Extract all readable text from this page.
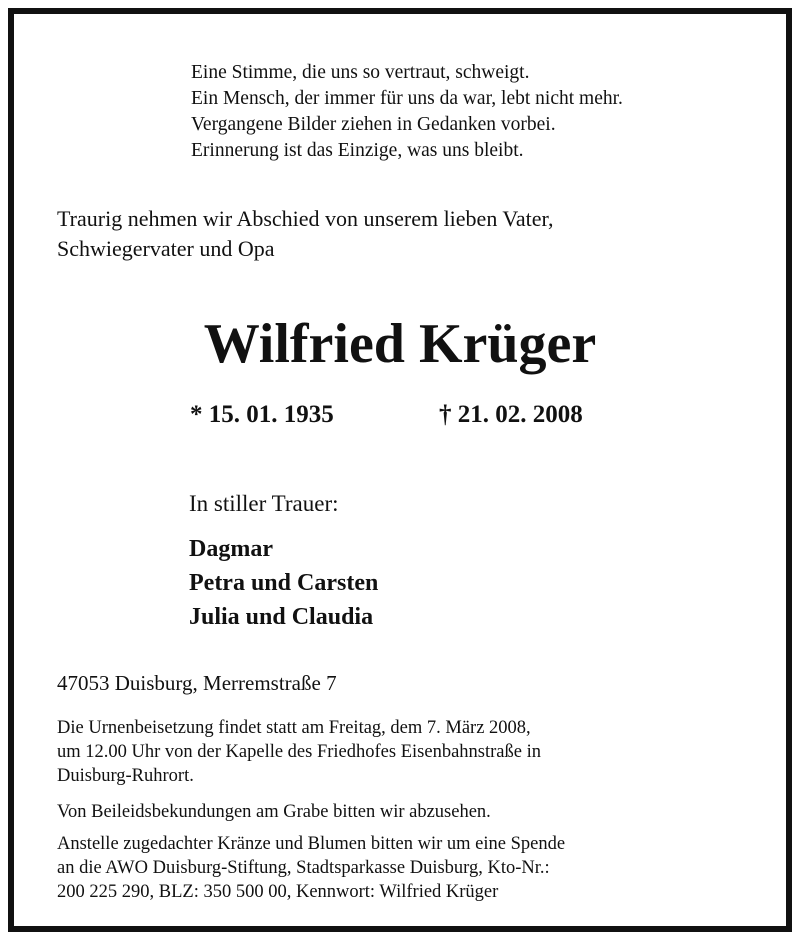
Eine Stimme, die uns so vertraut, schweigt.
Ein Mensch, der immer für uns da war, lebt nicht mehr.
Vergangene Bilder ziehen in Gedanken vorbei.
Erinnerung ist das Einzige, was uns bleibt.
Traurig nehmen wir Abschied von unserem lieben Vater,
Schwiegervater und Opa
Wilfried Krüger
* 15. 01. 1935	† 21. 02. 2008
In stiller Trauer:
Dagmar
Petra und Carsten
Julia und Claudia
47053 Duisburg, Merremstraße 7
Die Urnenbeisetzung findet statt am Freitag, dem 7. März 2008,
um 12.00 Uhr von der Kapelle des Friedhofes Eisenbahnstraße in
Duisburg-Ruhrort.
Von Beileidsbekundungen am Grabe bitten wir abzusehen.
Anstelle zugedachter Kränze und Blumen bitten wir um eine Spende
an die AWO Duisburg-Stiftung, Stadtsparkasse Duisburg, Kto-Nr.:
200 225 290, BLZ: 350 500 00, Kennwort: Wilfried Krüger
